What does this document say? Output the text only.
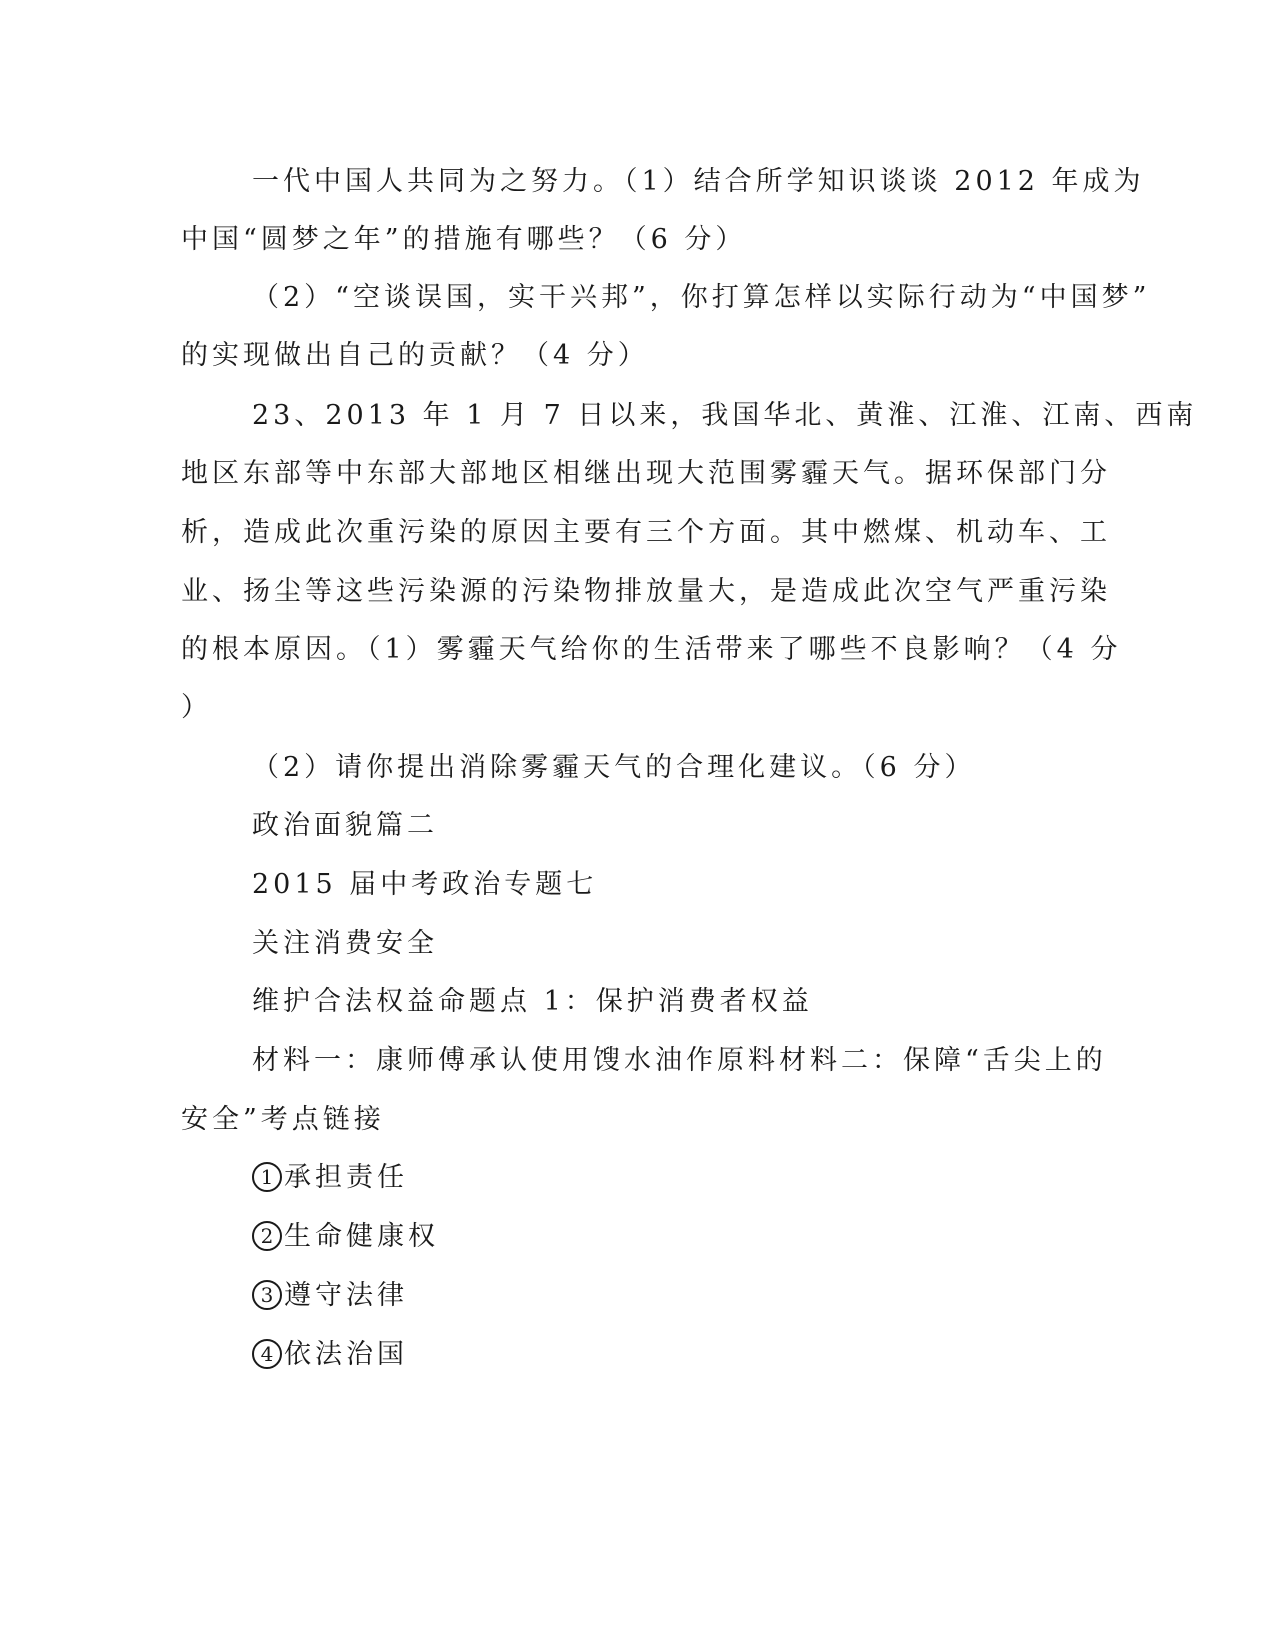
一代中国人共同为之努力。（1）结合所学知识谈谈 2012 年成为
中国“圆梦之年”的措施有哪些？（6 分）
（2）“空谈误国，实干兴邦”，你打算怎样以实际行动为“中国梦”
的实现做出自己的贡献？（4 分）
23、2013 年 1 月 7 日以来，我国华北、黄淮、江淮、江南、西南
地区东部等中东部大部地区相继出现大范围雾霾天气。据环保部门分
析，造成此次重污染的原因主要有三个方面。其中燃煤、机动车、工
业、扬尘等这些污染源的污染物排放量大，是造成此次空气严重污染
的根本原因。（1）雾霾天气给你的生活带来了哪些不良影响？（4 分
）
（2）请你提出消除雾霾天气的合理化建议。（6 分）
政治面貌篇二
2015 届中考政治专题七
关注消费安全
维护合法权益命题点 1：保护消费者权益
材料一：康师傅承认使用馊水油作原料材料二：保障“舌尖上的
安全”考点链接
1 承担责任
2 生命健康权
3 遵守法律
4 依法治国
